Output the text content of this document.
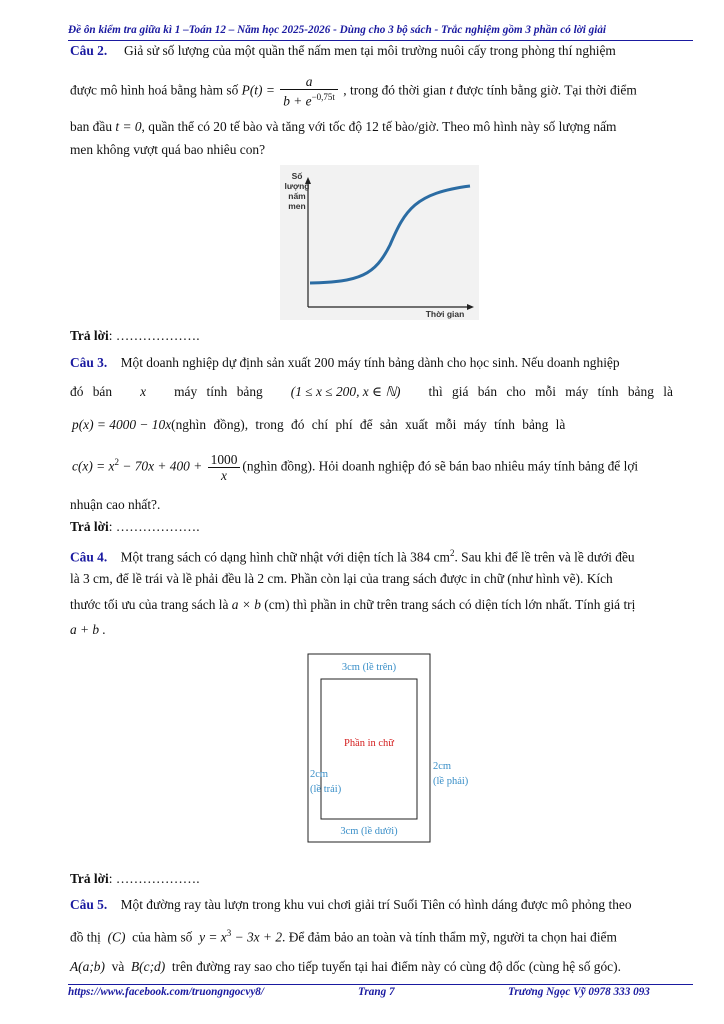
Đề ôn kiểm tra giữa kì 1 –Toán 12 – Năm học 2025-2026 - Dùng cho 3 bộ sách - Trắc nghiệm gồm 3 phần có lời giải
Câu 2. Giả sử số lượng của một quần thể nấm men tại môi trường nuôi cấy trong phòng thí nghiệm
được mô hình hoá bằng hàm số $P(t) = \frac{a}{b + e^{-0,75t}}$ , trong đó thời gian t được tính bằng giờ. Tại thời điểm
ban đầu t = 0, quần thể có 20 tế bào và tăng với tốc độ 12 tế bào/giờ. Theo mô hình này số lượng nấm
men không vượt quá bao nhiêu con?
Số
lượng
nấm
men
Thời gian
Trả lời: ……………….
Câu 3. Một doanh nghiệp dự định sản xuất 200 máy tính bảng dành cho học sinh. Nếu doanh nghiệp
đó bán x máy tính bảng (1 ≤ x ≤ 200, x ∈ ℕ) thì giá bán cho mỗi máy tính bảng là
p(x) = 4000 − 10x(nghìn đồng), trong đó chí phí để sản xuất mỗi máy tính bảng là
$c(x) = x^2 - 70x + 400 + \frac{1000}{x}$ (nghìn đồng). Hỏi doanh nghiệp đó sẽ bán bao nhiêu máy tính bảng để lợi
nhuận cao nhất?.
Trả lời: ……………….
Câu 4. Một trang sách có dạng hình chữ nhật với diện tích là 384 $cm^2$. Sau khi để lề trên và lề dưới đều
là 3 cm, để lề trái và lề phải đều là 2 cm. Phần còn lại của trang sách được in chữ (như hình vẽ). Kích
thước tối ưu của trang sách là a × b (cm) thì phần in chữ trên trang sách có diện tích lớn nhất. Tính giá trị
a + b .
3cm (lề trên)
Phần in chữ
2cm
(lề trái)
2cm
(lề phải)
3cm (lề dưới)
Trả lời: ……………….
Câu 5. Một đường ray tàu lượn trong khu vui chơi giải trí Suối Tiên có hình dáng được mô phỏng theo
đồ thị (C) của hàm số $y = x^3 - 3x + 2$. Để đảm bảo an toàn và tính thẩm mỹ, người ta chọn hai điểm
A(a;b) và B(c;d) trên đường ray sao cho tiếp tuyến tại hai điểm này có cùng độ dốc (cùng hệ số góc).
https://www.facebook.com/truongngocvy8/	Trang 7	Trương Ngọc Vỹ 0978 333 093
